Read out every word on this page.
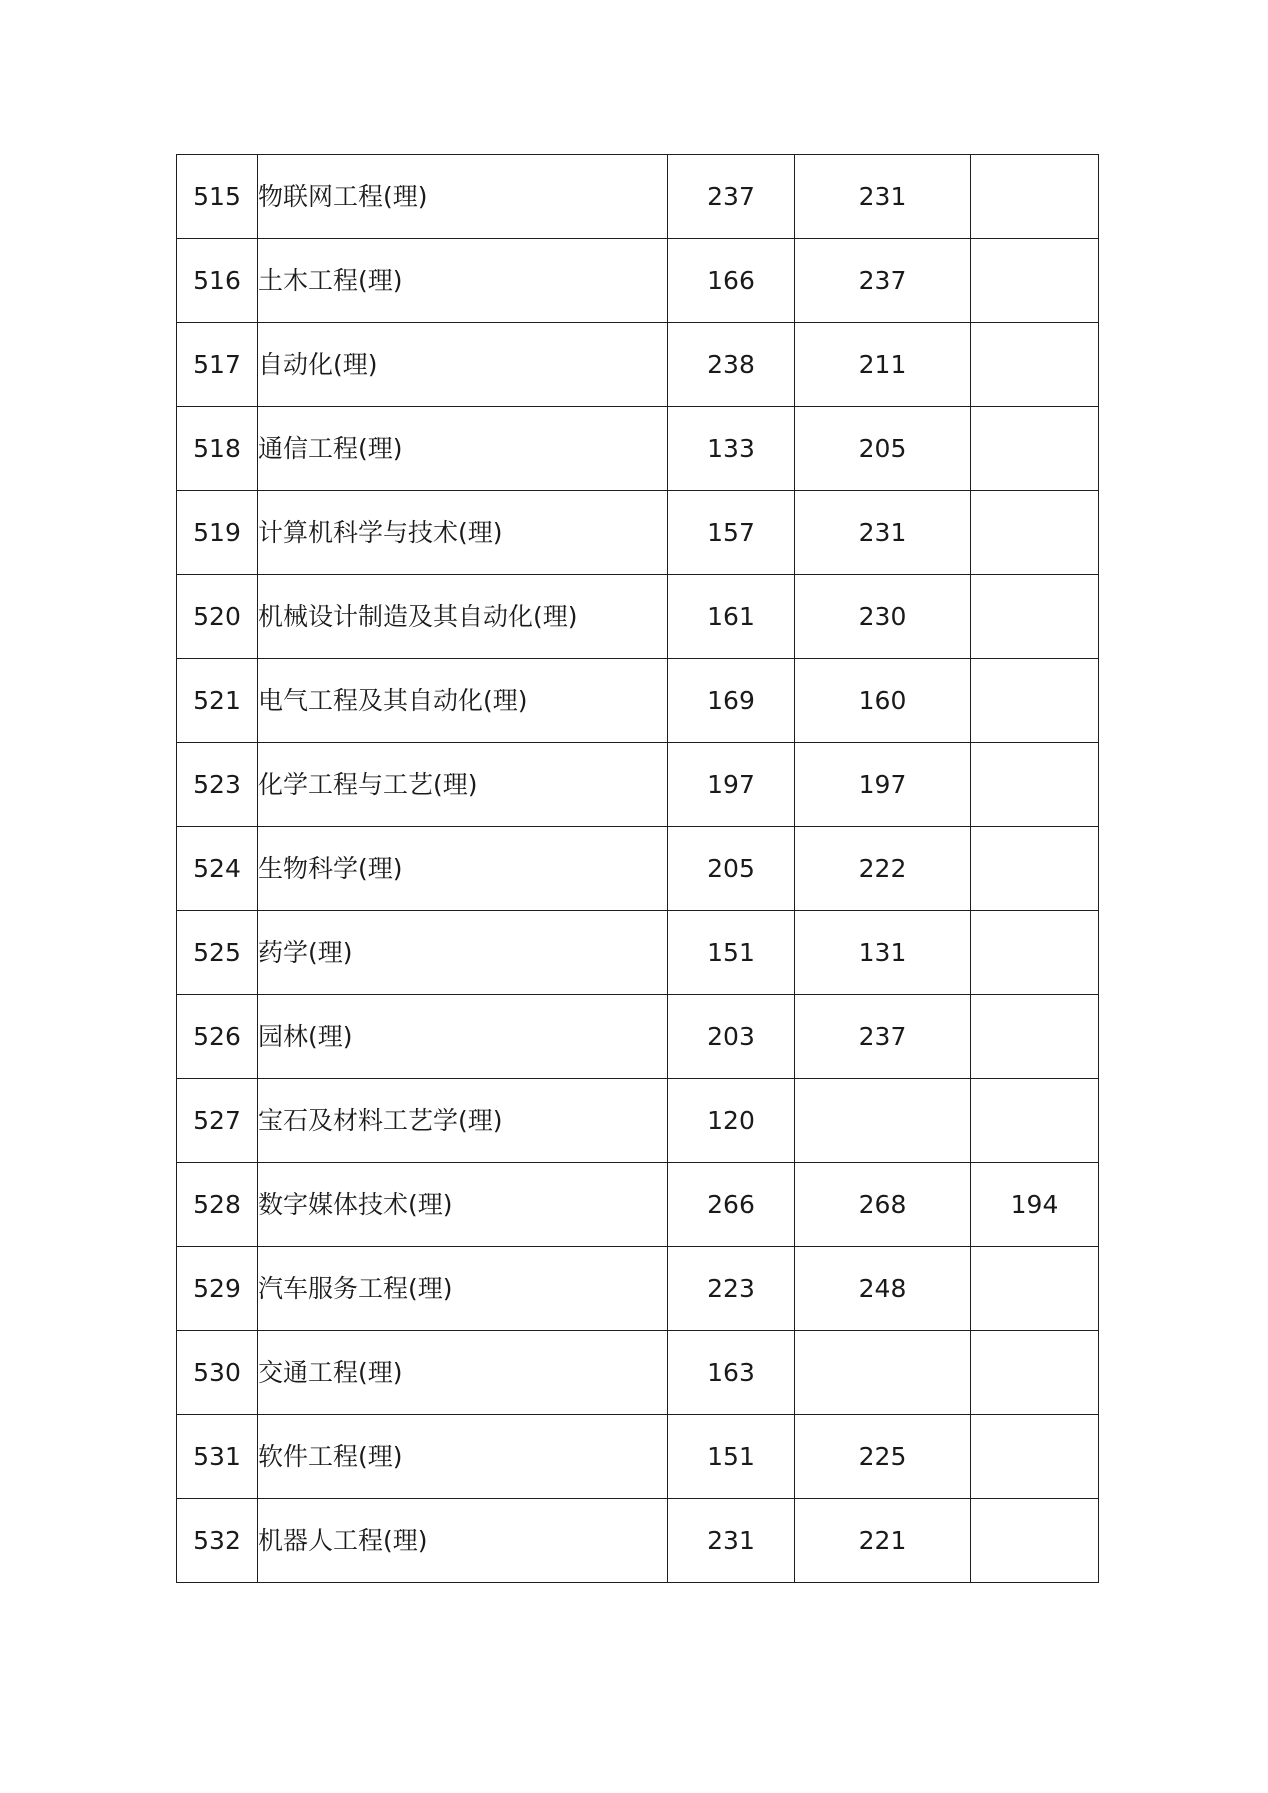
515	物联网工程(理)	237	231	
516	土木工程(理)	166	237	
517	自动化(理)	238	211	
518	通信工程(理)	133	205	
519	计算机科学与技术(理)	157	231	
520	机械设计制造及其自动化(理)	161	230	
521	电气工程及其自动化(理)	169	160	
523	化学工程与工艺(理)	197	197	
524	生物科学(理)	205	222	
525	药学(理)	151	131	
526	园林(理)	203	237	
527	宝石及材料工艺学(理)	120		
528	数字媒体技术(理)	266	268	194
529	汽车服务工程(理)	223	248	
530	交通工程(理)	163		
531	软件工程(理)	151	225	
532	机器人工程(理)	231	221	
